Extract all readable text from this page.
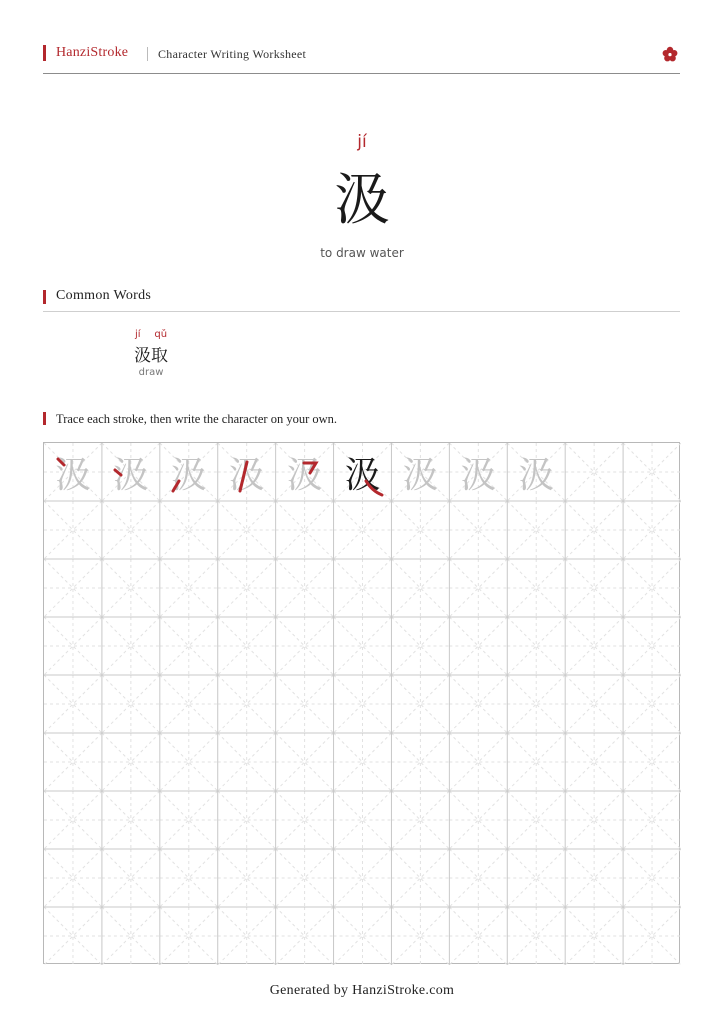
HanziStroke Character Writing Worksheet
jí
汲
to draw water
Common Words
jí qǔ
汲取
draw
Trace each stroke, then write the character on your own.
汲 汲 汲 汲 汲 汲 汲 汲 汲
Generated by HanziStroke.com
